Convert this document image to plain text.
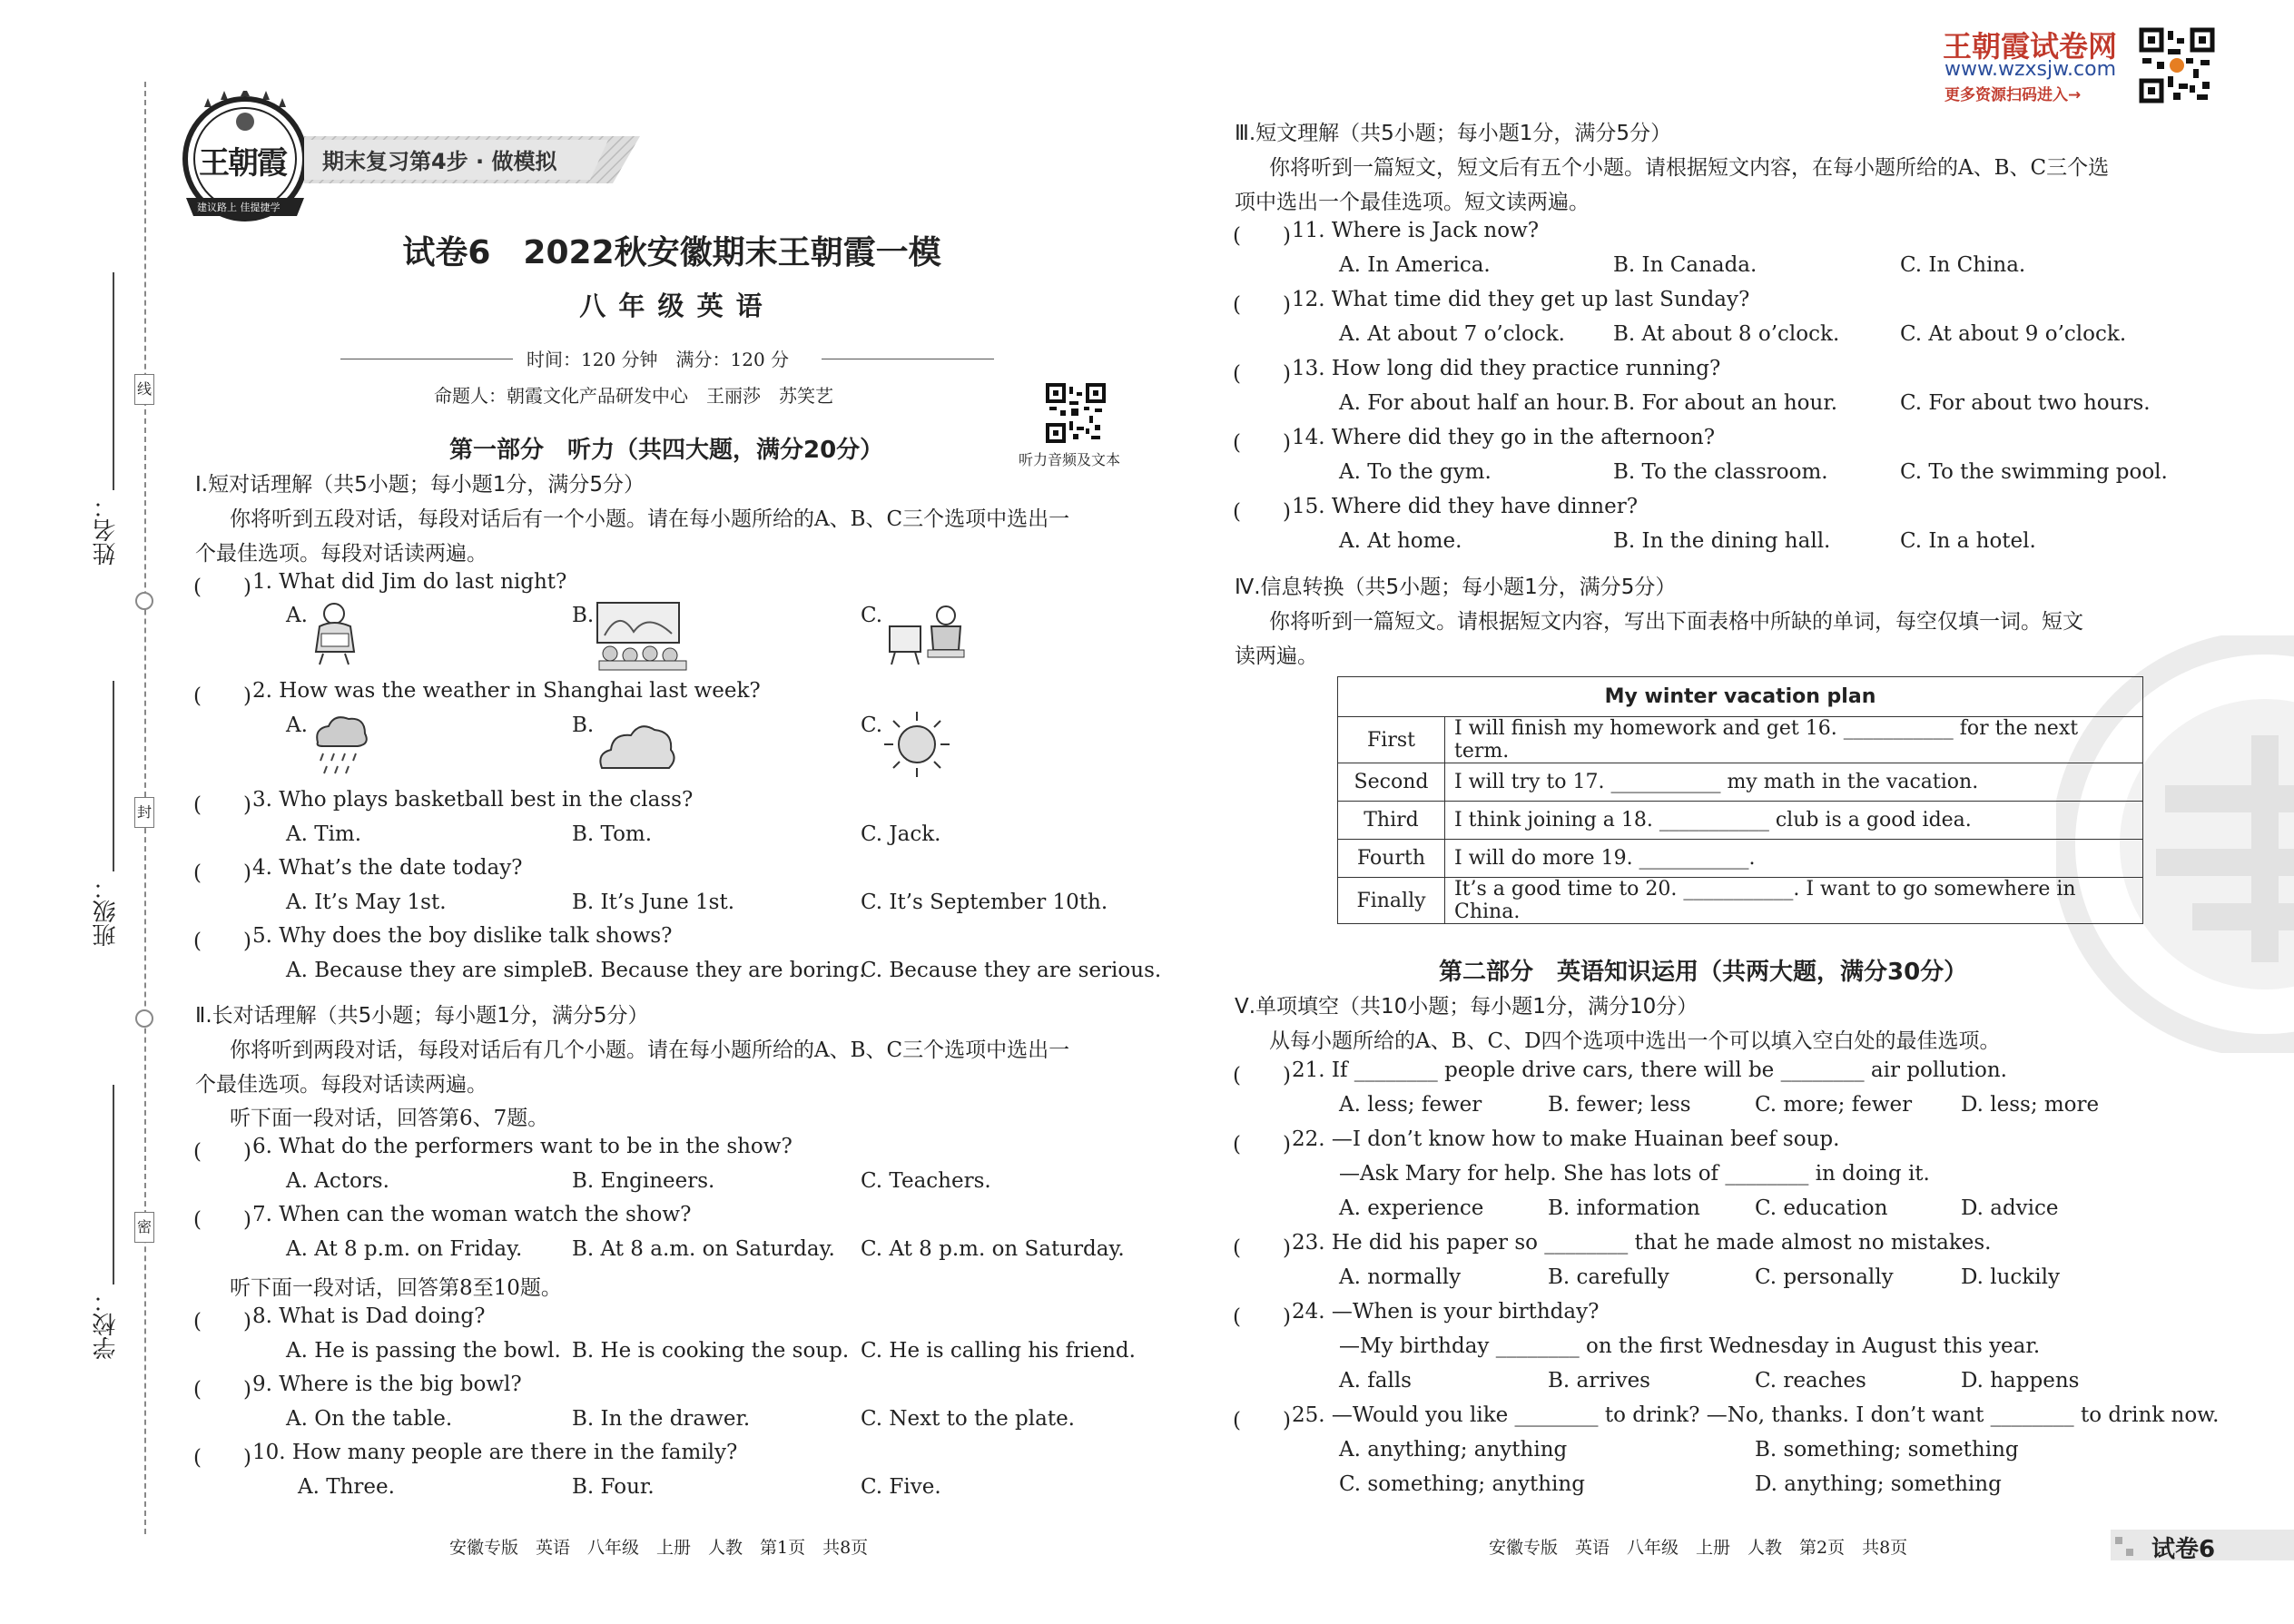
线
封
密
姓名：
班级：
学校：
王朝霞
建议路上 佳提捷学
期末复习第4步 · 做模拟
试卷6　2022秋安徽期末王朝霞一模
八 年 级 英 语
时间：120 分钟　满分：120 分
命题人：朝霞文化产品研发中心　王丽莎　苏笑艺
听力音频及文本
第一部分　听力（共四大题，满分20分）
Ⅰ.短对话理解（共5小题；每小题1分，满分5分）
你将听到五段对话，每段对话后有一个小题。请在每小题所给的A、B、C三个选项中选出一
个最佳选项。每段对话读两遍。
(　　) 1. What did Jim do last night?
A.	B.	C.
(　　) 2. How was the weather in Shanghai last week?
A.	B.	C.
(　　) 3. Who plays basketball best in the class?
A. Tim.	B. Tom.	C. Jack.
(　　) 4. What’s the date today?
A. It’s May 1st.	B. It’s June 1st.	C. It’s September 10th.
(　　) 5. Why does the boy dislike talk shows?
A. Because they are simple.
B. Because they are boring.
C. Because they are serious.
Ⅱ.长对话理解（共5小题；每小题1分，满分5分）
你将听到两段对话，每段对话后有几个小题。请在每小题所给的A、B、C三个选项中选出一
个最佳选项。每段对话读两遍。
听下面一段对话，回答第6、7题。
(　　) 6. What do the performers want to be in the show?
A. Actors.	B. Engineers.	C. Teachers.
(　　) 7. When can the woman watch the show?
A. At 8 p.m. on Friday. B. At 8 a.m. on Saturday. C. At 8 p.m. on Saturday.
听下面一段对话，回答第8至10题。
(　　) 8. What is Dad doing?
A. He is passing the bowl. B. He is cooking the soup. C. He is calling his friend.
(　　) 9. Where is the big bowl?
A. On the table.	B. In the drawer.	C. Next to the plate.
(　　) 10. How many people are there in the family?
A. Three.	B. Four.	C. Five.
安徽专版　英语　八年级　上册　人教　第1页　共8页
王朝霞试卷网
www.wzxsjw.com
更多资源扫码进入→
Ⅲ.短文理解（共5小题；每小题1分，满分5分）
你将听到一篇短文，短文后有五个小题。请根据短文内容，在每小题所给的A、B、C三个选
项中选出一个最佳选项。短文读两遍。
(　　) 11. Where is Jack now?
A. In America.	B. In Canada.	C. In China.
(　　) 12. What time did they get up last Sunday?
A. At about 7 o’clock. B. At about 8 o’clock.	C. At about 9 o’clock.
(　　) 13. How long did they practice running?
A. For about half an hour. B. For about an hour.	C. For about two hours.
(　　) 14. Where did they go in the afternoon?
A. To the gym.	B. To the classroom.	C. To the swimming pool.
(　　) 15. Where did they have dinner?
A. At home.	B. In the dining hall.	C. In a hotel.
Ⅳ.信息转换（共5小题；每小题1分，满分5分）
你将听到一篇短文。请根据短文内容，写出下面表格中所缺的单词，每空仅填一词。短文
读两遍。
My winter vacation plan	
First	I will finish my homework and get 16. ___________ for the next term.
Second	I will try to 17. ___________ my math in the vacation.
Third	I think joining a 18. ___________ club is a good idea.
Fourth	I will do more 19. ___________.
Finally	It’s a good time to 20. ___________. I want to go somewhere in China.
第二部分　英语知识运用（共两大题，满分30分）
Ⅴ.单项填空（共10小题；每小题1分，满分10分）
从每小题所给的A、B、C、D四个选项中选出一个可以填入空白处的最佳选项。
(　　) 21. If ________ people drive cars, there will be ________ air pollution.
A. less; fewer	B. fewer; less	C. more; fewer D. less; more
(　　) 22. —I don’t know how to make Huainan beef soup.
—Ask Mary for help. She has lots of ________ in doing it.
A. experience	B. information	C. education	D. advice
(　　) 23. He did his paper so ________ that he made almost no mistakes.
A. normally	B. carefully	C. personally	D. luckily
(　　) 24. —When is your birthday?
—My birthday ________ on the first Wednesday in August this year.
A. falls	B. arrives	C. reaches	D. happens
(　　) 25. —Would you like ________ to drink? —No, thanks. I don’t want ________ to drink now.
A. anything; anything	B. something; something
C. something; anything	D. anything; something
安徽专版　英语　八年级　上册　人教　第2页　共8页	试卷6
